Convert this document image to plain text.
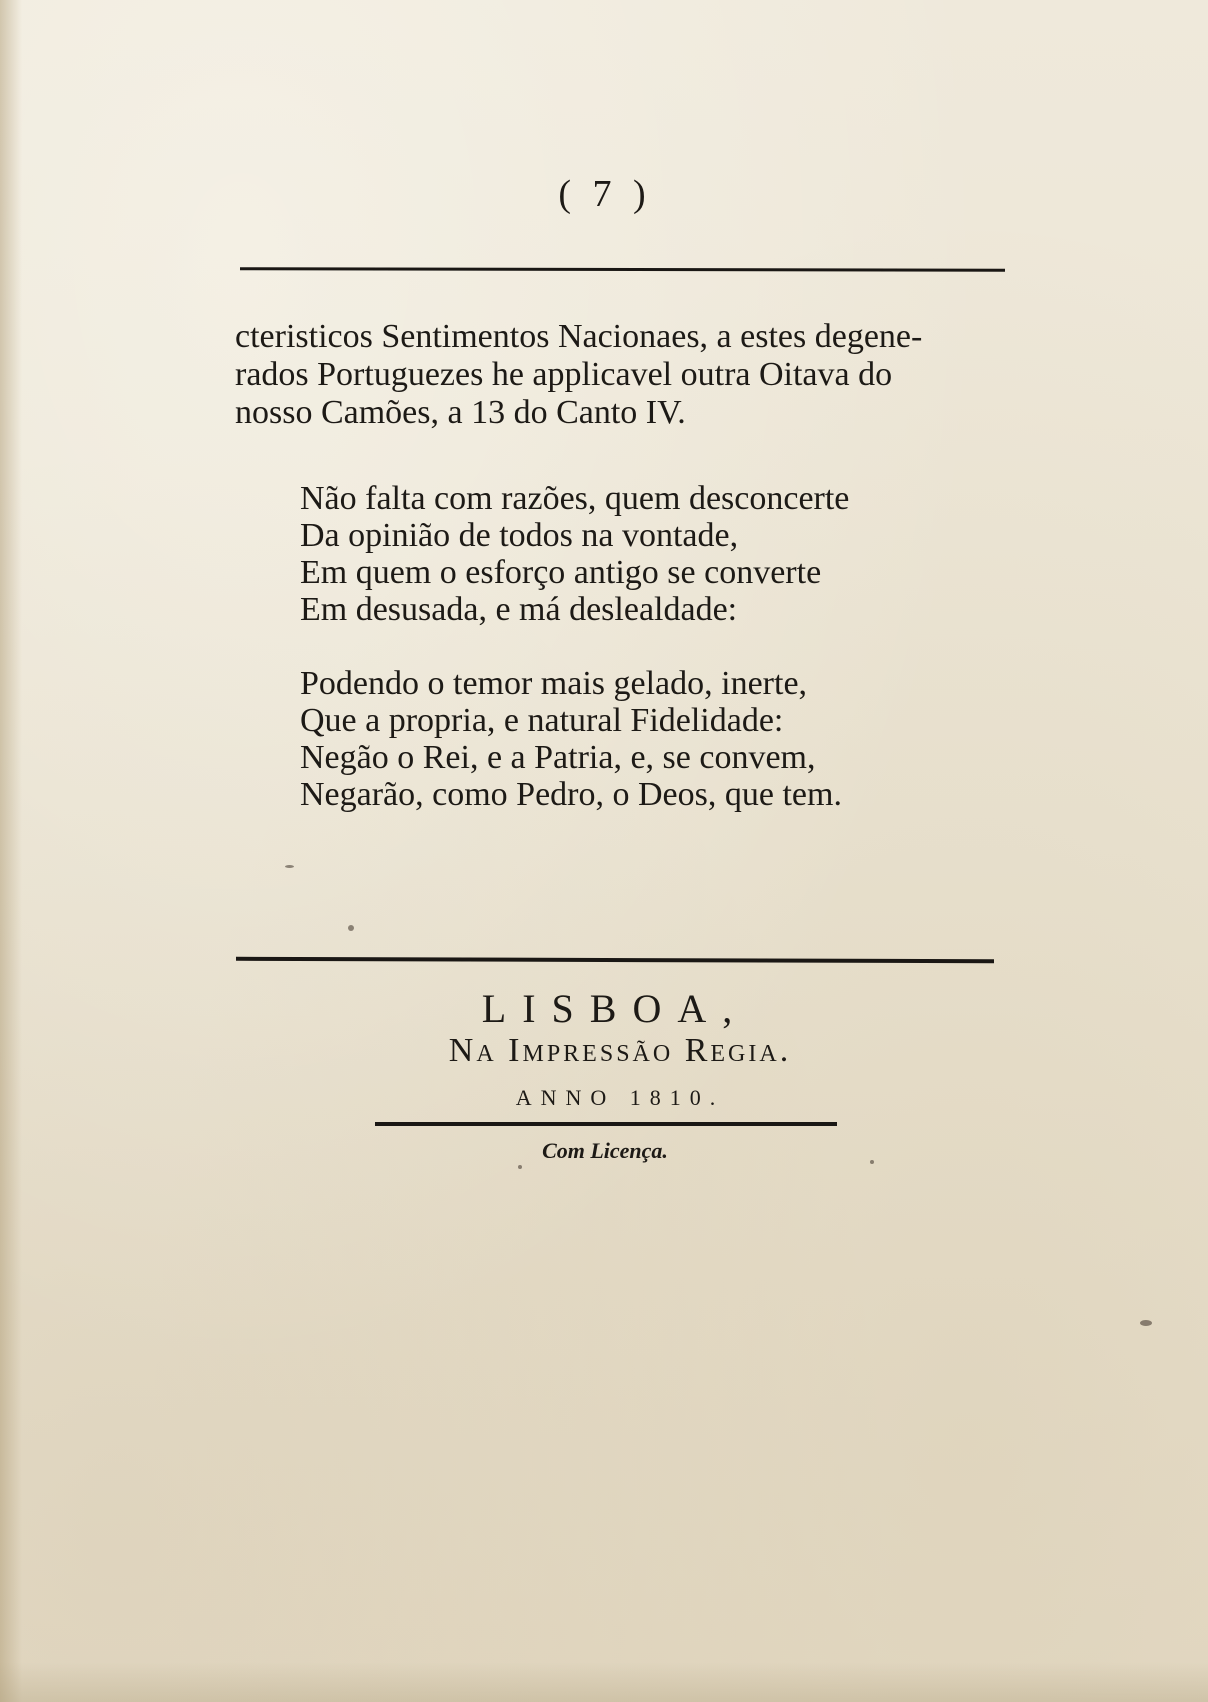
( 7 )
cteristicos Sentimentos Nacionaes, a estes degene-
rados Portuguezes he applicavel outra Oitava do
nosso Camões, a 13 do Canto IV.
Não falta com razões, quem desconcerte
Da opinião de todos na vontade,
Em quem o esforço antigo se converte
Em desusada, e má deslealdade:
Podendo o temor mais gelado, inerte,
Que a propria, e natural Fidelidade:
Negão o Rei, e a Patria, e, se convem,
Negarão, como Pedro, o Deos, que tem.
LISBOA,
Na Impressão Regia.
ANNO 1810.
Com Licença.
